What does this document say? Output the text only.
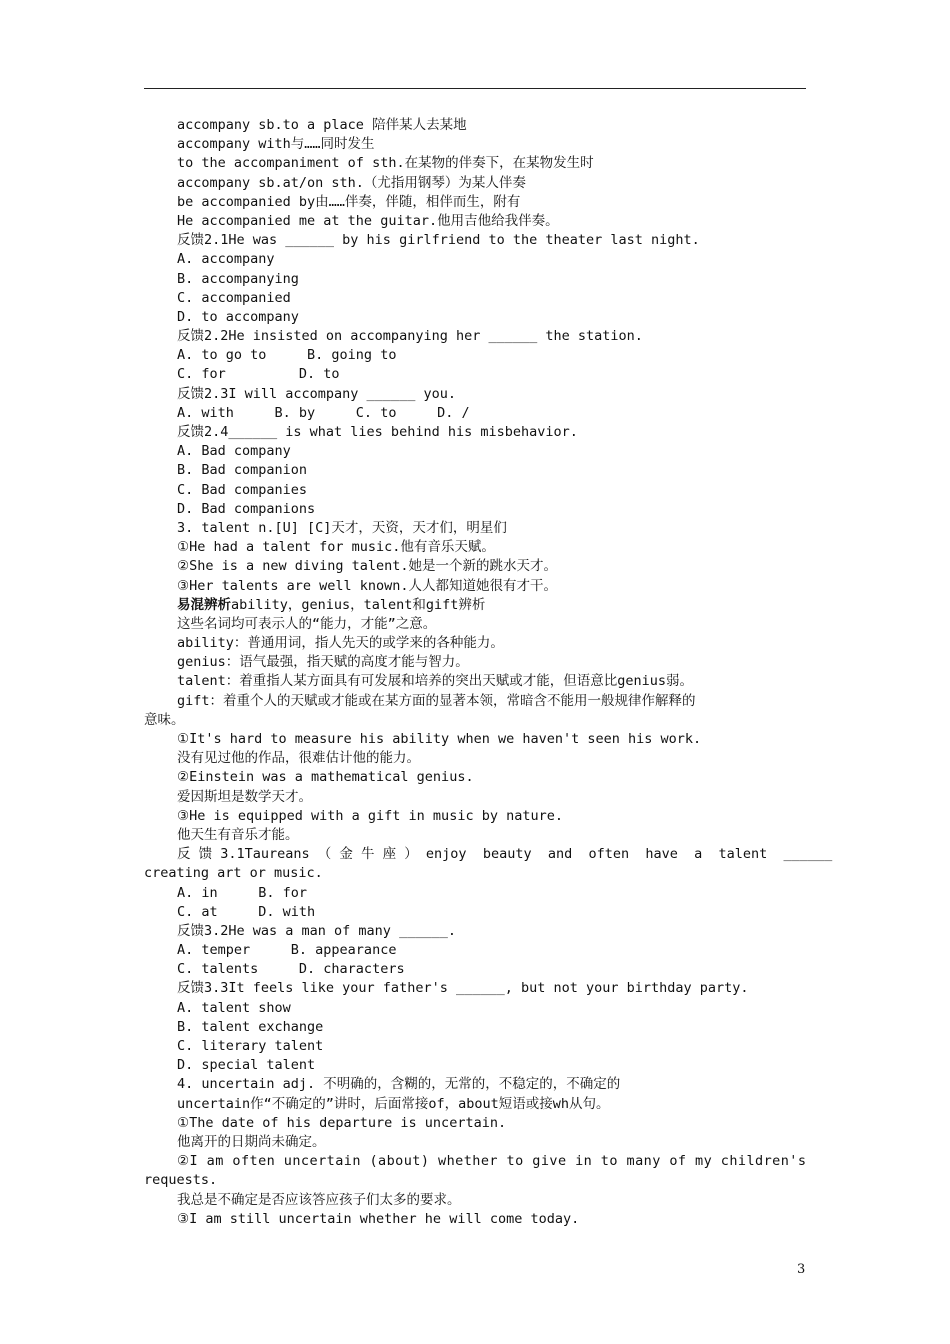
accompany sb.to a place 陪伴某人去某地
accompany with与……同时发生
to the accompaniment of sth.在某物的伴奏下，在某物发生时
accompany sb.at/on sth.（尤指用钢琴）为某人伴奏
be accompanied by由……伴奏，伴随，相伴而生，附有
He accompanied me at the guitar.他用吉他给我伴奏。
反馈2.1He was ______ by his girlfriend to the theater last night.
A. accompany
B. accompanying
C. accompanied
D. to accompany
反馈2.2He insisted on accompanying her ______ the station.
A. to go to     B. going to
C. for         D. to
反馈2.3I will accompany ______ you.
A. with     B. by     C. to     D. /
反馈2.4______ is what lies behind his misbehavior.
A. Bad company
B. Bad companion
C. Bad companies
D. Bad companions
3. talent n.[U] [C]天才，天资，天才们，明星们
①He had a talent for music.他有音乐天赋。
②She is a new diving talent.她是一个新的跳水天才。
③Her talents are well known.人人都知道她很有才干。
易混辨析ability，genius，talent和gift辨析
这些名词均可表示人的“能力，才能”之意。
ability：普通用词，指人先天的或学来的各种能力。
genius：语气最强，指天赋的高度才能与智力。
talent：着重指人某方面具有可发展和培养的突出天赋或才能，但语意比genius弱。
gift：着重个人的天赋或才能或在某方面的显著本领，常暗含不能用一般规律作解释的
意味。
①It's hard to measure his ability when we haven't seen his work.
没有见过他的作品，很难估计他的能力。
②Einstein was a mathematical genius.
爱因斯坦是数学天才。
③He is equipped with a gift in music by nature.
他天生有音乐才能。
反 馈 3.1Taureans （ 金 牛 座 ） enjoy  beauty  and  often  have  a  talent  ______
creating art or music.
A. in     B. for
C. at     D. with
反馈3.2He was a man of many ______.
A. temper     B. appearance
C. talents     D. characters
反馈3.3It feels like your father's ______, but not your birthday party.
A. talent show
B. talent exchange
C. literary talent
D. special talent
4. uncertain adj. 不明确的，含糊的，无常的，不稳定的，不确定的
uncertain作“不确定的”讲时，后面常接of，about短语或接wh从句。
①The date of his departure is uncertain.
他离开的日期尚未确定。
②I am often uncertain (about) whether to give in to many of my children's
requests.
我总是不确定是否应该答应孩子们太多的要求。
③I am still uncertain whether he will come today.
3
